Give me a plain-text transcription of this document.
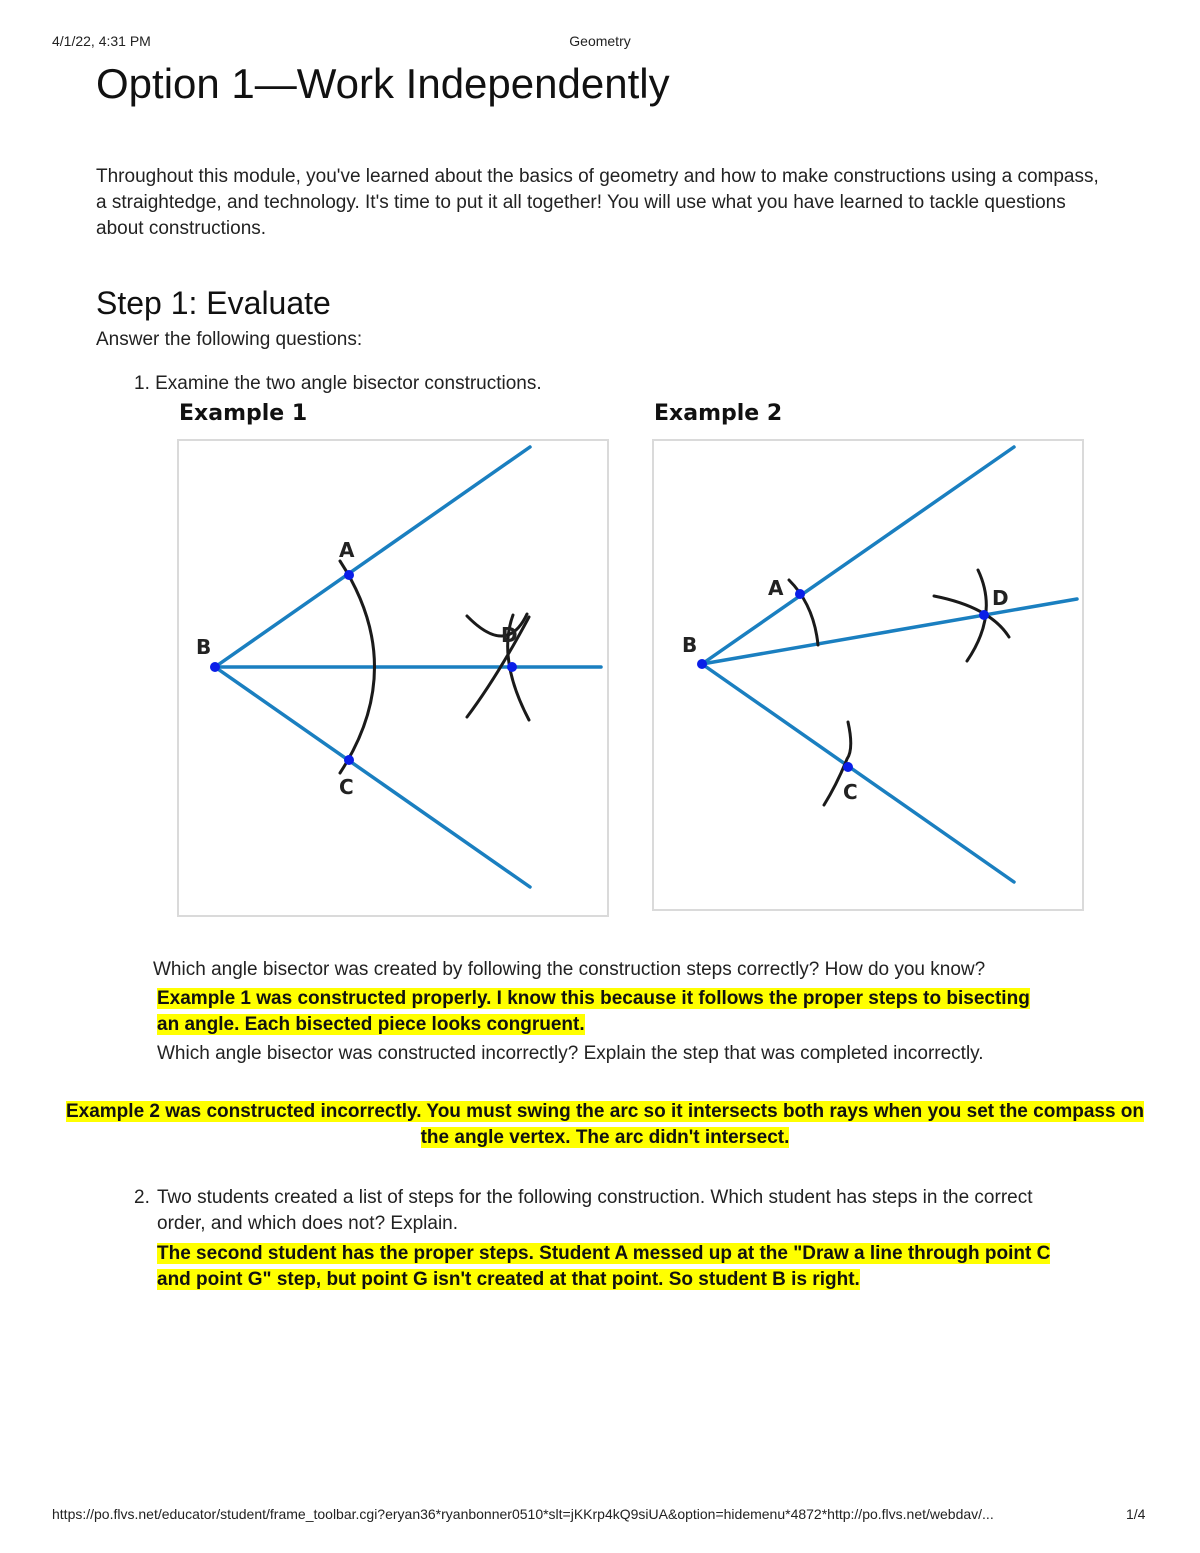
4/1/22, 4:31 PM	Geometry
Option 1—Work Independently

Throughout this module, you've learned about the basics of geometry and how to make constructions using a compass, a straightedge, and technology. It's time to put it all together! You will use what you have learned to tackle questions about constructions.

Step 1: Evaluate

Answer the following questions:

1. Examine the two angle bisector constructions.

Example 1	Example 2
B
A
C
D	B
A
C
D

Which angle bisector was created by following the construction steps correctly? How do you know?

Example 1 was constructed properly. I know this because it follows the proper steps to bisecting an angle. Each bisected piece looks congruent.

Which angle bisector was constructed incorrectly? Explain the step that was completed incorrectly.

Example 2 was constructed incorrectly. You must swing the arc so it intersects both rays when you set the compass on the angle vertex. The arc didn't intersect.

2. Two students created a list of steps for the following construction. Which student has steps in the correct order, and which does not? Explain.

The second student has the proper steps. Student A messed up at the "Draw a line through point C and point G" step, but point G isn't created at that point. So student B is right.

https://po.flvs.net/educator/student/frame_toolbar.cgi?eryan36*ryanbonner0510*slt=jKKrp4kQ9siUA&option=hidemenu*4872*http://po.flvs.net/webdav/...	1/4
